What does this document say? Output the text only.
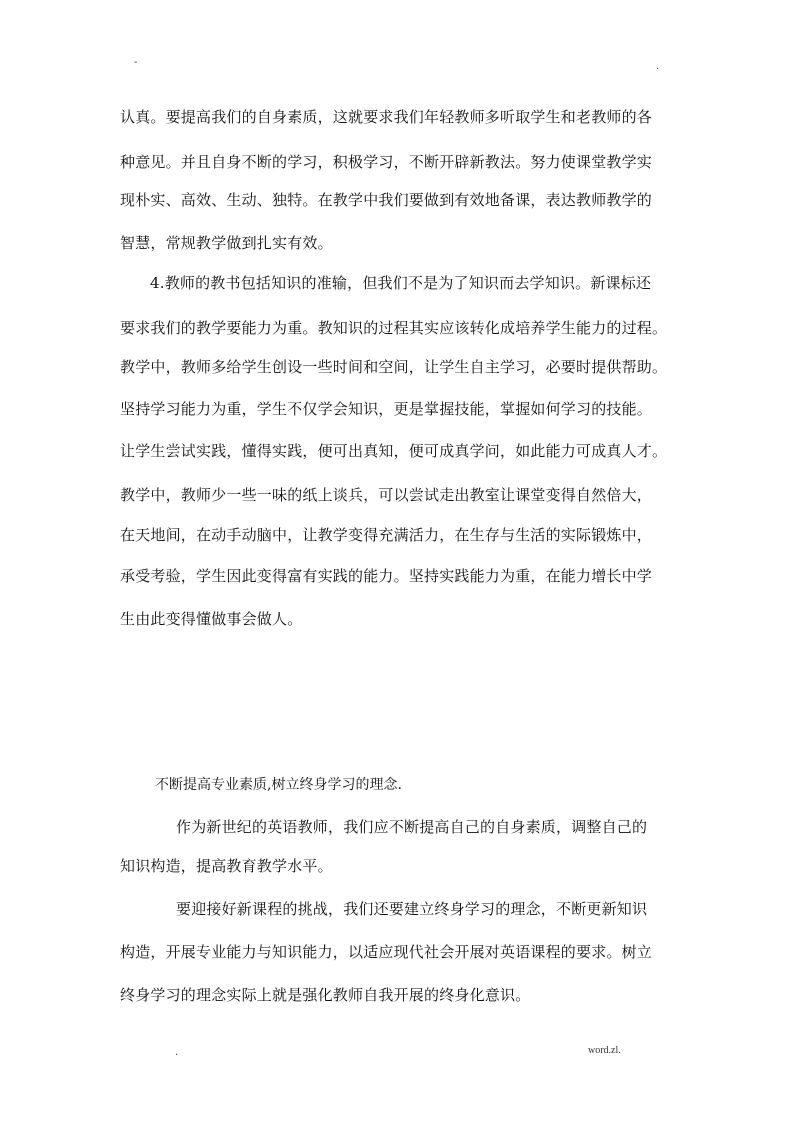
-	.
认真。要提高我们的自身素质，这就要求我们年轻教师多听取学生和老教师的各
种意见。并且自身不断的学习，积极学习，不断开辟新教法。努力使课堂教学实
现朴实、高效、生动、独特。在教学中我们要做到有效地备课，表达教师教学的
智慧，常规教学做到扎实有效。
4.教师的教书包括知识的准输，但我们不是为了知识而去学知识。新课标还
要求我们的教学要能力为重。教知识的过程其实应该转化成培养学生能力的过程。
教学中，教师多给学生创设一些时间和空间，让学生自主学习，必要时提供帮助。
坚持学习能力为重，学生不仅学会知识，更是掌握技能，掌握如何学习的技能。
让学生尝试实践，懂得实践，便可出真知，便可成真学问，如此能力可成真人才。
教学中，教师少一些一味的纸上谈兵，可以尝试走出教室让课堂变得自然倍大，
在天地间，在动手动脑中，让教学变得充满活力，在生存与生活的实际锻炼中，
承受考验，学生因此变得富有实践的能力。坚持实践能力为重，在能力增长中学
生由此变得懂做事会做人。
不断提高专业素质,树立终身学习的理念.
作为新世纪的英语教师，我们应不断提高自己的自身素质，调整自己的
知识构造，提高教育教学水平。
要迎接好新课程的挑战，我们还要建立终身学习的理念，不断更新知识
构造，开展专业能力与知识能力，以适应现代社会开展对英语课程的要求。树立
终身学习的理念实际上就是强化教师自我开展的终身化意识。
.	word.zl.
